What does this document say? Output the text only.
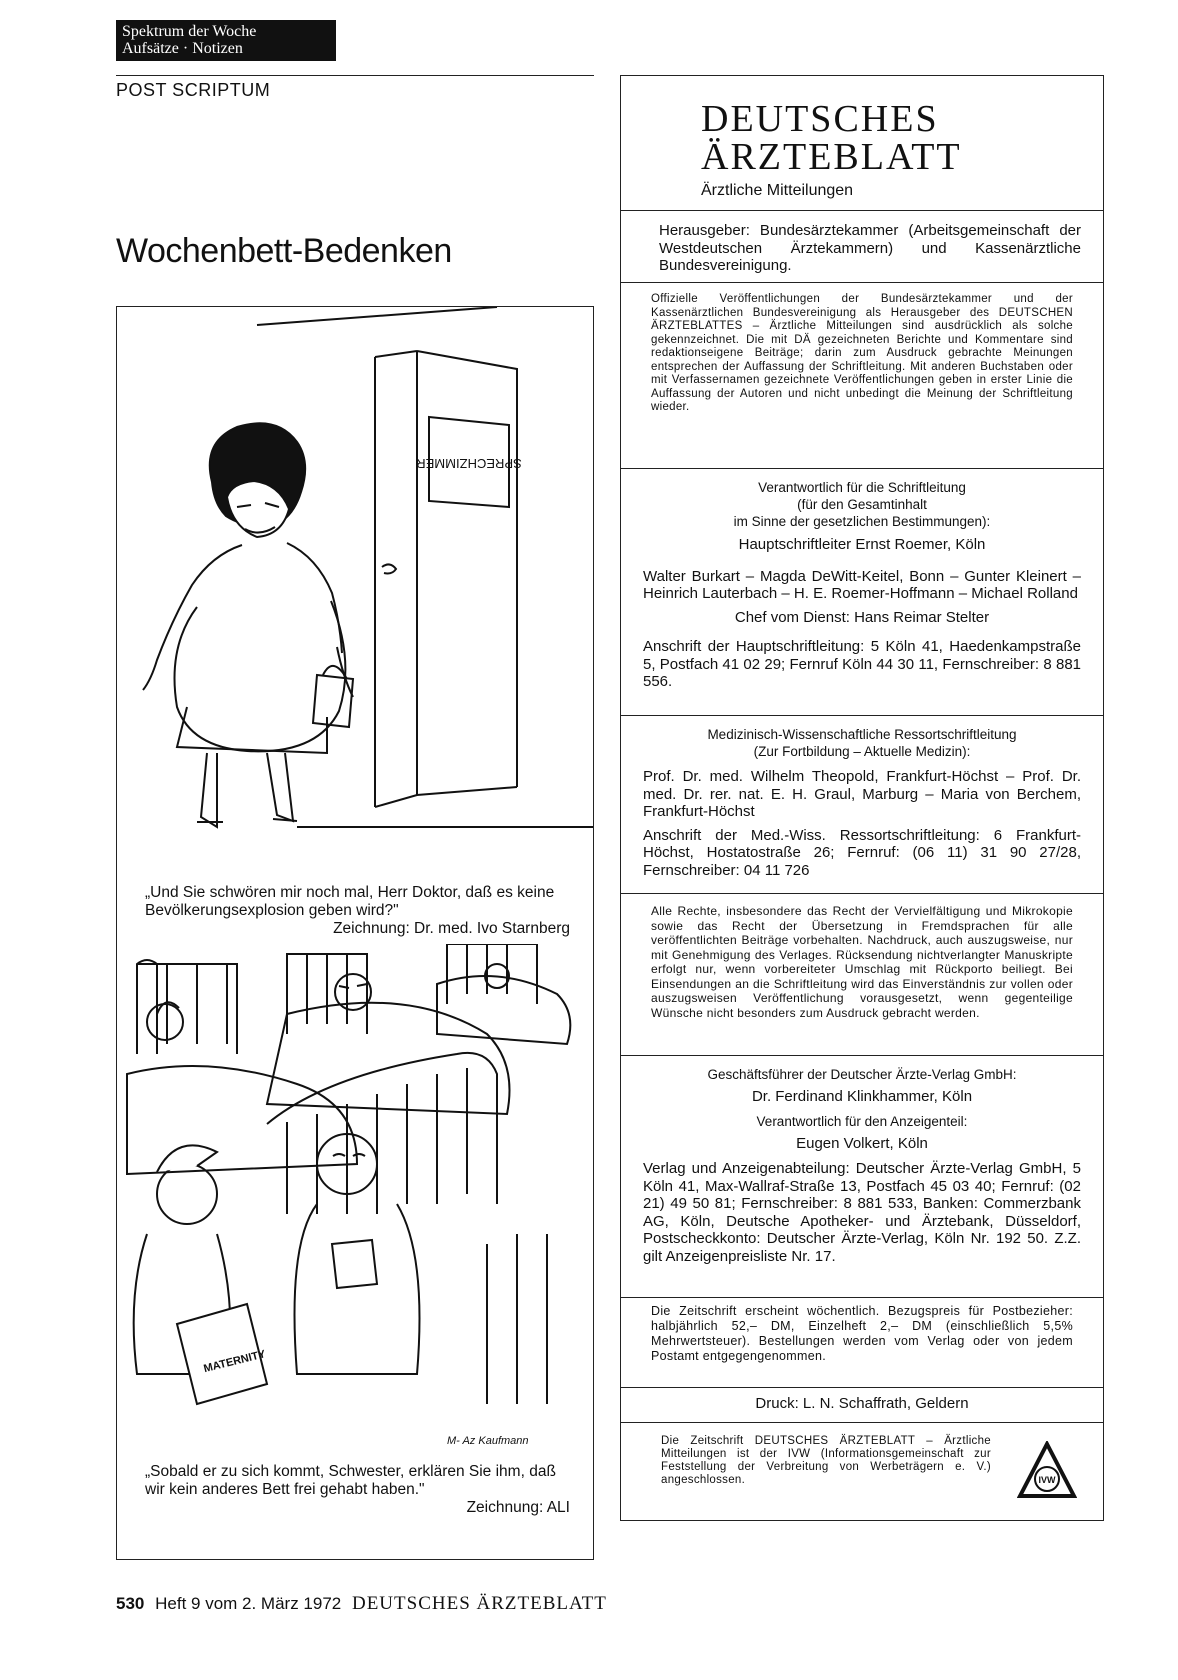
Spektrum der Woche
Aufsätze · Notizen
POST SCRIPTUM
Wochenbett-Bedenken
SPRECHZIMMER
„Und Sie schwören mir noch mal, Herr Doktor, daß es keine Bevölkerungsexplosion geben wird?"
Zeichnung: Dr. med. Ivo Starnberg
MATERNITY
M- Az Kaufmann
„Sobald er zu sich kommt, Schwester, erklären Sie ihm, daß wir kein anderes Bett frei gehabt haben."
Zeichnung: ALI
DEUTSCHES
ÄRZTEBLATT
Ärztliche Mitteilungen
Herausgeber: Bundesärztekammer (Arbeitsgemeinschaft der Westdeutschen Ärztekammern) und Kassenärztliche Bundesvereinigung.
Offizielle Veröffentlichungen der Bundesärztekammer und der Kassenärztlichen Bundesvereinigung als Herausgeber des DEUTSCHEN ÄRZTEBLATTES – Ärztliche Mitteilungen sind ausdrücklich als solche gekennzeichnet. Die mit DÄ gezeichneten Berichte und Kommentare sind redaktionseigene Beiträge; darin zum Ausdruck gebrachte Meinungen entsprechen der Auffassung der Schriftleitung. Mit anderen Buchstaben oder mit Verfassernamen gezeichnete Veröffentlichungen geben in erster Linie die Auffassung der Autoren und nicht unbedingt die Meinung der Schriftleitung wieder.
Verantwortlich für die Schriftleitung
(für den Gesamtinhalt
im Sinne der gesetzlichen Bestimmungen):
Hauptschriftleiter Ernst Roemer, Köln
Walter Burkart – Magda DeWitt-Keitel, Bonn – Gunter Kleinert – Heinrich Lauterbach – H. E. Roemer-Hoffmann – Michael Rolland
Chef vom Dienst: Hans Reimar Stelter
Anschrift der Hauptschriftleitung: 5 Köln 41, Haedenkampstraße 5, Postfach 41 02 29; Fernruf Köln 44 30 11, Fernschreiber: 8 881 556.
Medizinisch-Wissenschaftliche Ressortschriftleitung
(Zur Fortbildung – Aktuelle Medizin):
Prof. Dr. med. Wilhelm Theopold, Frankfurt-Höchst – Prof. Dr. med. Dr. rer. nat. E. H. Graul, Marburg – Maria von Berchem, Frankfurt-Höchst
Anschrift der Med.-Wiss. Ressortschriftleitung: 6 Frankfurt-Höchst, Hostatostraße 26; Fernruf: (06 11) 31 90 27/28, Fernschreiber: 04 11 726
Alle Rechte, insbesondere das Recht der Vervielfältigung und Mikrokopie sowie das Recht der Übersetzung in Fremdsprachen für alle veröffentlichten Beiträge vorbehalten. Nachdruck, auch auszugsweise, nur mit Genehmigung des Verlages. Rücksendung nichtverlangter Manuskripte erfolgt nur, wenn vorbereiteter Umschlag mit Rückporto beiliegt. Bei Einsendungen an die Schriftleitung wird das Einverständnis zur vollen oder auszugsweisen Veröffentlichung vorausgesetzt, wenn gegenteilige Wünsche nicht besonders zum Ausdruck gebracht werden.
Geschäftsführer der Deutscher Ärzte-Verlag GmbH:
Dr. Ferdinand Klinkhammer, Köln
Verantwortlich für den Anzeigenteil:
Eugen Volkert, Köln
Verlag und Anzeigenabteilung: Deutscher Ärzte-Verlag GmbH, 5 Köln 41, Max-Wallraf-Straße 13, Postfach 45 03 40; Fernruf: (02 21) 49 50 81; Fernschreiber: 8 881 533, Banken: Commerzbank AG, Köln, Deutsche Apotheker- und Ärztebank, Düsseldorf, Postscheckkonto: Deutscher Ärzte-Verlag, Köln Nr. 192 50. Z.Z. gilt Anzeigenpreisliste Nr. 17.
Die Zeitschrift erscheint wöchentlich. Bezugspreis für Postbezieher: halbjährlich 52,– DM, Einzelheft 2,– DM (einschließlich 5,5% Mehrwertsteuer). Bestellungen werden vom Verlag oder von jedem Postamt entgegengenommen.
Druck: L. N. Schaffrath, Geldern
Die Zeitschrift DEUTSCHES ÄRZTEBLATT – Ärztliche Mitteilungen ist der IVW (Informationsgemeinschaft zur Feststellung der Verbreitung von Werbeträgern e. V.) angeschlossen.	IVW
530 Heft 9 vom 2. März 1972 DEUTSCHES ÄRZTEBLATT
